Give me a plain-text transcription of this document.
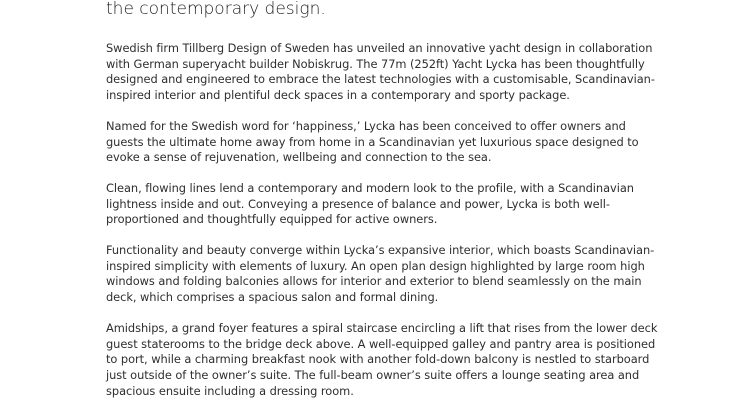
the contemporary design.

Swedish firm Tillberg Design of Sweden has unveiled an innovative yacht design in collaboration
with German superyacht builder Nobiskrug. The 77m (252ft) Yacht Lycka has been thoughtfully
designed and engineered to embrace the latest technologies with a customisable, Scandinavian-
inspired interior and plentiful deck spaces in a contemporary and sporty package.

Named for the Swedish word for ‘happiness,’ Lycka has been conceived to offer owners and
guests the ultimate home away from home in a Scandinavian yet luxurious space designed to
evoke a sense of rejuvenation, wellbeing and connection to the sea.

Clean, flowing lines lend a contemporary and modern look to the profile, with a Scandinavian
lightness inside and out. Conveying a presence of balance and power, Lycka is both well-
proportioned and thoughtfully equipped for active owners.

Functionality and beauty converge within Lycka’s expansive interior, which boasts Scandinavian-
inspired simplicity with elements of luxury. An open plan design highlighted by large room high
windows and folding balconies allows for interior and exterior to blend seamlessly on the main
deck, which comprises a spacious salon and formal dining.

Amidships, a grand foyer features a spiral staircase encircling a lift that rises from the lower deck
guest staterooms to the bridge deck above. A well-equipped galley and pantry area is positioned
to port, while a charming breakfast nook with another fold-down balcony is nestled to starboard
just outside of the owner’s suite. The full-beam owner’s suite offers a lounge seating area and
spacious ensuite including a dressing room.
